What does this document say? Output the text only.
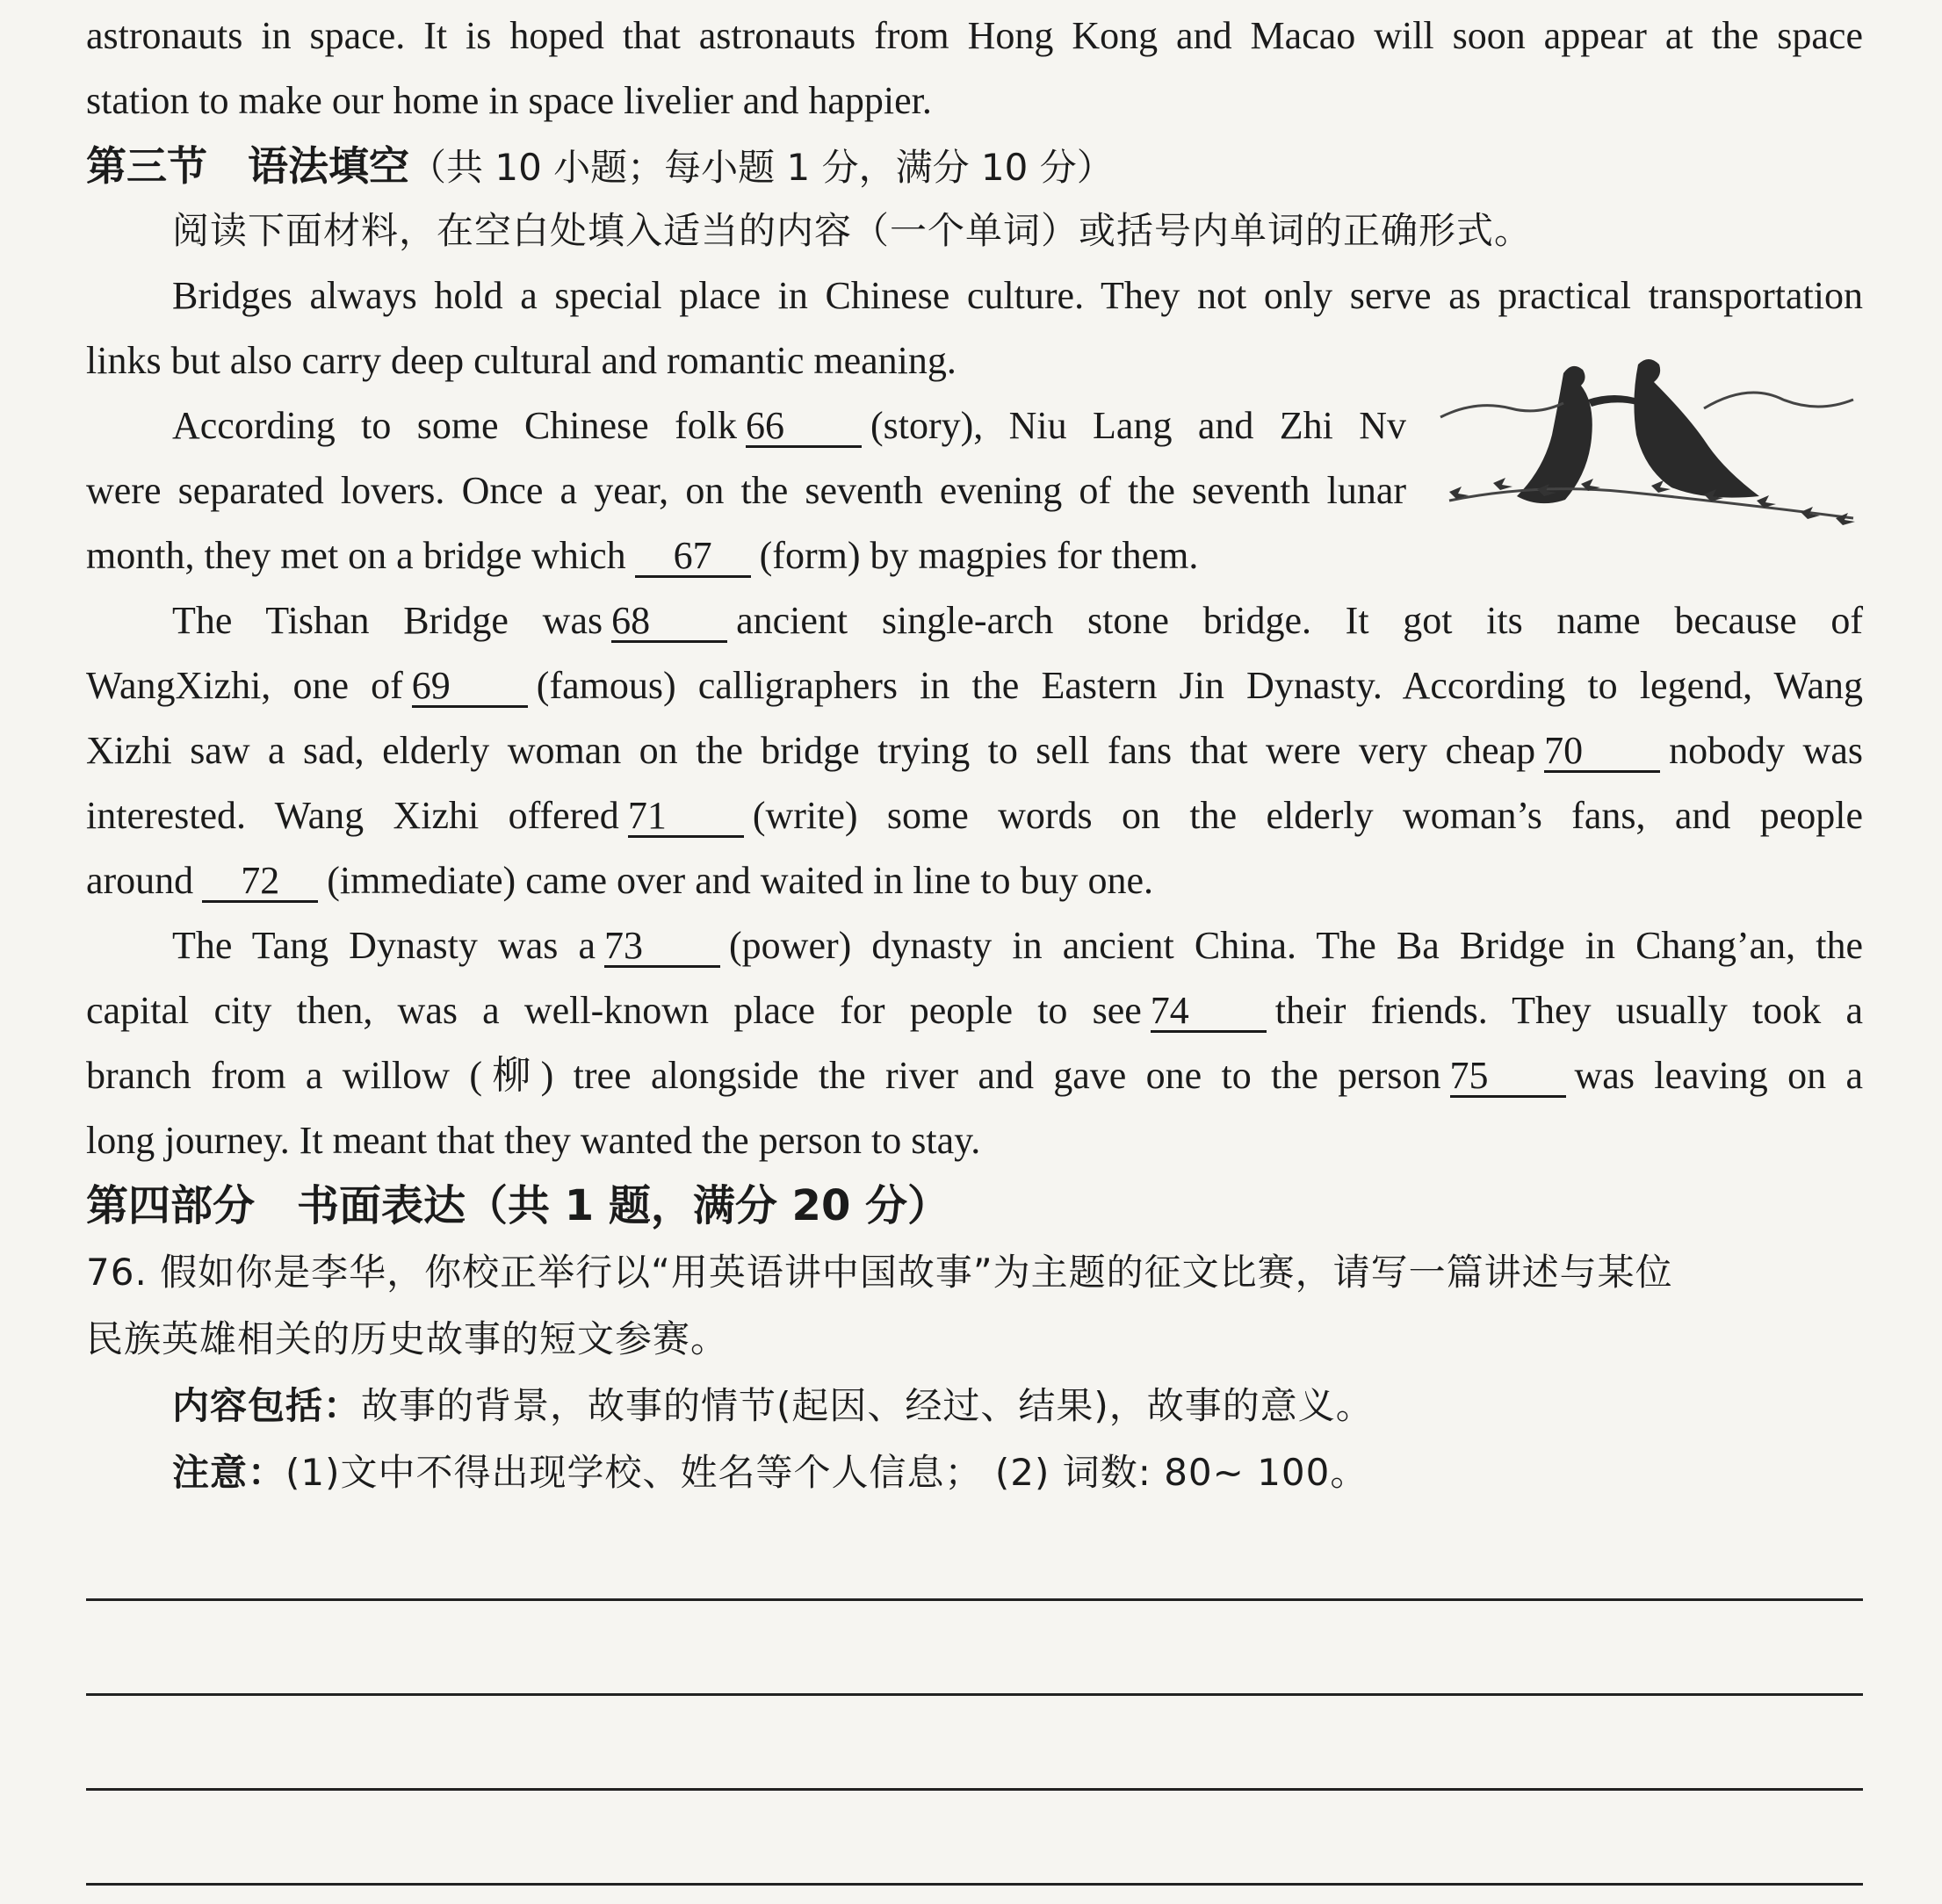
astronauts in space. It is hoped that astronauts from Hong Kong and Macao will soon appear at the space
station to make our home in space livelier and happier.
第三节　语法填空（共 10 小题；每小题 1 分，满分 10 分）
阅读下面材料，在空白处填入适当的内容（一个单词）或括号内单词的正确形式。
Bridges always hold a special place in Chinese culture. They not only serve as practical transportation
links but also carry deep cultural and romantic meaning.
According to some Chinese folk 66 (story), Niu Lang and Zhi Nv
were separated lovers. Once a year, on the seventh evening of the seventh lunar
month, they met on a bridge which 67 (form) by magpies for them.
The Tishan Bridge was 68 ancient single-arch stone bridge. It got its name because of
WangXizhi, one of 69 (famous) calligraphers in the Eastern Jin Dynasty. According to legend, Wang
Xizhi saw a sad, elderly woman on the bridge trying to sell fans that were very cheap 70 nobody was
interested. Wang Xizhi offered 71 (write) some words on the elderly woman’s fans, and people
around 72 (immediate) came over and waited in line to buy one.
The Tang Dynasty was a 73 (power) dynasty in ancient China. The Ba Bridge in Chang’an, the
capital city then, was a well-known place for people to see 74 their friends. They usually took a
branch from a willow (柳) tree alongside the river and gave one to the person 75 was leaving on a
long journey. It meant that they wanted the person to stay.
第四部分　书面表达（共 1 题，满分 20 分）
76. 假如你是李华，你校正举行以“用英语讲中国故事”为主题的征文比赛，请写一篇讲述与某位
民族英雄相关的历史故事的短文参赛。
内容包括：故事的背景，故事的情节(起因、经过、结果)，故事的意义。
注意：(1)文中不得出现学校、姓名等个人信息； (2) 词数: 80~ 100。
